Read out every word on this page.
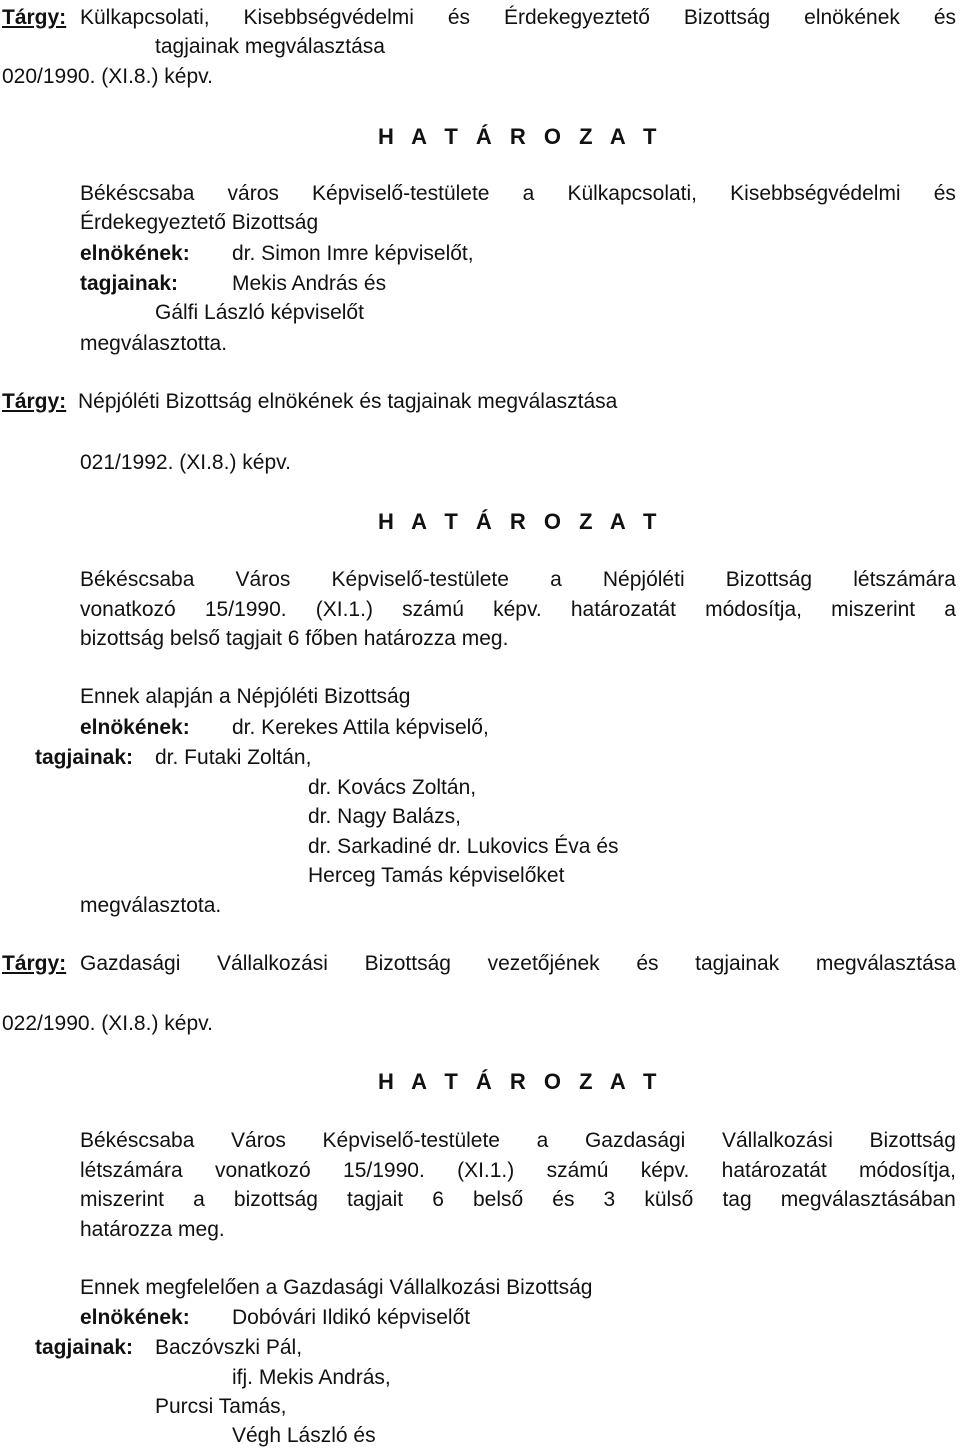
Tárgy: Külkapcsolati, Kisebbségvédelmi és Érdekegyeztető Bizottság elnökének és
tagjainak megválasztása
020/1990. (XI.8.) képv.
H A T Á R O Z A T
Békéscsaba város Képviselő-testülete a Külkapcsolati, Kisebbségvédelmi és
Érdekegyeztető Bizottság
elnökének: dr. Simon Imre képviselőt,
tagjainak:	Mekis András és
Gálfi László képviselőt
megválasztotta.
Tárgy: Népjóléti Bizottság elnökének és tagjainak megválasztása
021/1992. (XI.8.) képv.
H A T Á R O Z A T
Békéscsaba Város Képviselő-testülete a Népjóléti Bizottság létszámára
vonatkozó 15/1990. (XI.1.) számú képv. határozatát módosítja, miszerint a
bizottság belső tagjait 6 főben határozza meg.
Ennek alapján a Népjóléti Bizottság
elnökének: dr. Kerekes Attila képviselő,
tagjainak: dr. Futaki Zoltán,
dr. Kovács Zoltán,
dr. Nagy Balázs,
dr. Sarkadiné dr. Lukovics Éva és
Herceg Tamás képviselőket
megválasztota.
Tárgy: Gazdasági Vállalkozási Bizottság vezetőjének és tagjainak megválasztása
022/1990. (XI.8.) képv.
H A T Á R O Z A T
Békéscsaba Város Képviselő-testülete a Gazdasági Vállalkozási Bizottság
létszámára vonatkozó 15/1990. (XI.1.) számú képv. határozatát módosítja,
miszerint a bizottság tagjait 6 belső és 3 külső tag megválasztásában
határozza meg.
Ennek megfelelően a Gazdasági Vállalkozási Bizottság
elnökének: Dobóvári Ildikó képviselőt
tagjainak: Baczóvszki Pál,
ifj. Mekis András,
Purcsi Tamás,
Végh László és
